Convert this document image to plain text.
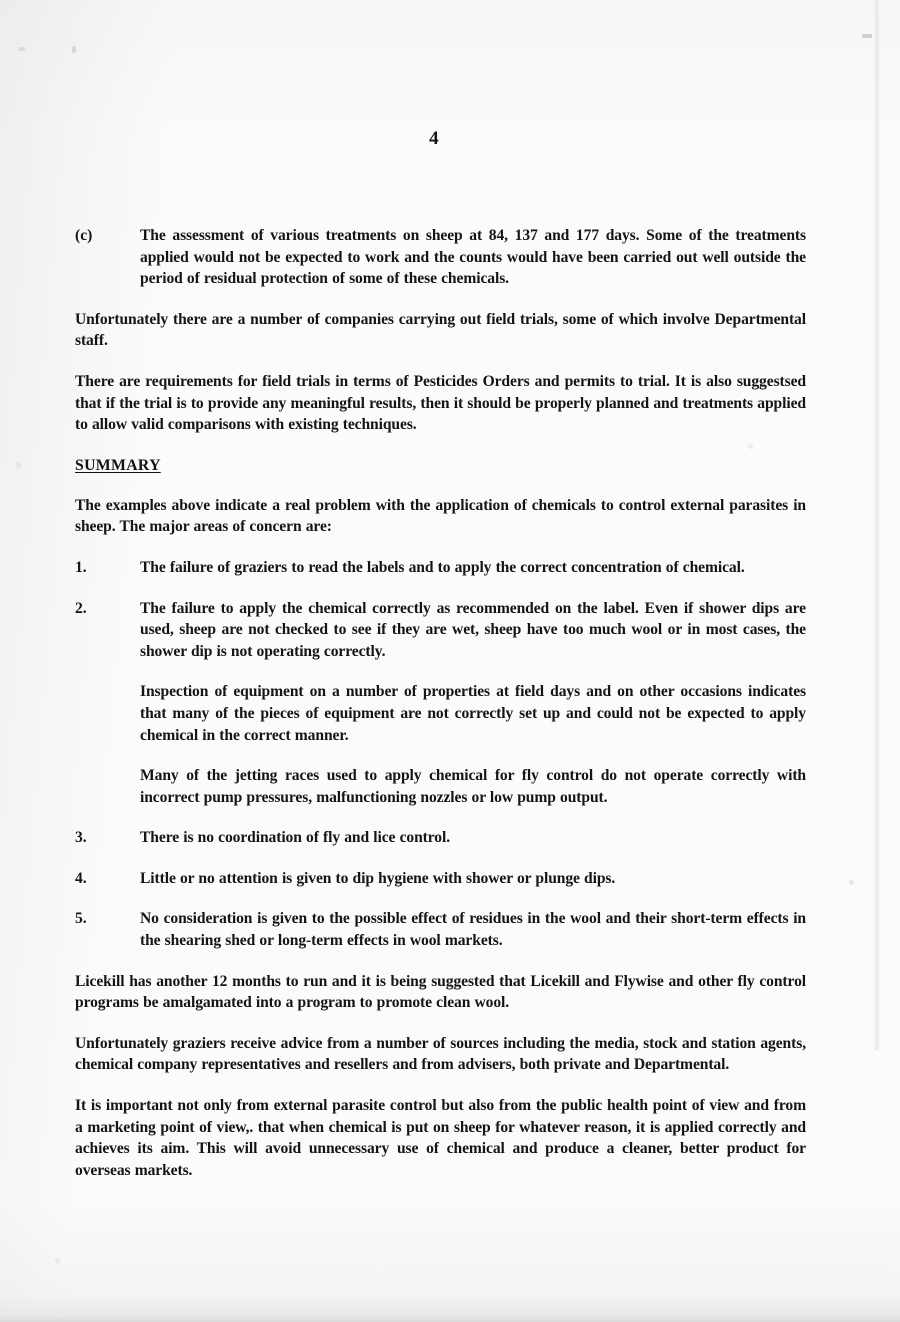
4
(c)	The assessment of various treatments on sheep at 84, 137 and 177 days. Some of the treatments applied would not be expected to work and the counts would have been carried out well outside the period of residual protection of some of these chemicals.

Unfortunately there are a number of companies carrying out field trials, some of which involve Departmental staff.

There are requirements for field trials in terms of Pesticides Orders and permits to trial. It is also suggestsed that if the trial is to provide any meaningful results, then it should be properly planned and treatments applied to allow valid comparisons with existing techniques.

SUMMARY

The examples above indicate a real problem with the application of chemicals to control external parasites in sheep. The major areas of concern are:

1.	The failure of graziers to read the labels and to apply the correct concentration of chemical.
2.	The failure to apply the chemical correctly as recommended on the label. Even if shower dips are used, sheep are not checked to see if they are wet, sheep have too much wool or in most cases, the shower dip is not operating correctly.

Inspection of equipment on a number of properties at field days and on other occasions indicates that many of the pieces of equipment are not correctly set up and could not be expected to apply chemical in the correct manner.

Many of the jetting races used to apply chemical for fly control do not operate correctly with incorrect pump pressures, malfunctioning nozzles or low pump output.

3.	There is no coordination of fly and lice control.
4.	Little or no attention is given to dip hygiene with shower or plunge dips.
5.	No consideration is given to the possible effect of residues in the wool and their short-term effects in the shearing shed or long-term effects in wool markets.

Licekill has another 12 months to run and it is being suggested that Licekill and Flywise and other fly control programs be amalgamated into a program to promote clean wool.

Unfortunately graziers receive advice from a number of sources including the media, stock and station agents, chemical company representatives and resellers and from advisers, both private and Departmental.

It is important not only from external parasite control but also from the public health point of view and from a marketing point of view,. that when chemical is put on sheep for whatever reason, it is applied correctly and achieves its aim. This will avoid unnecessary use of chemical and produce a cleaner, better product for overseas markets.
